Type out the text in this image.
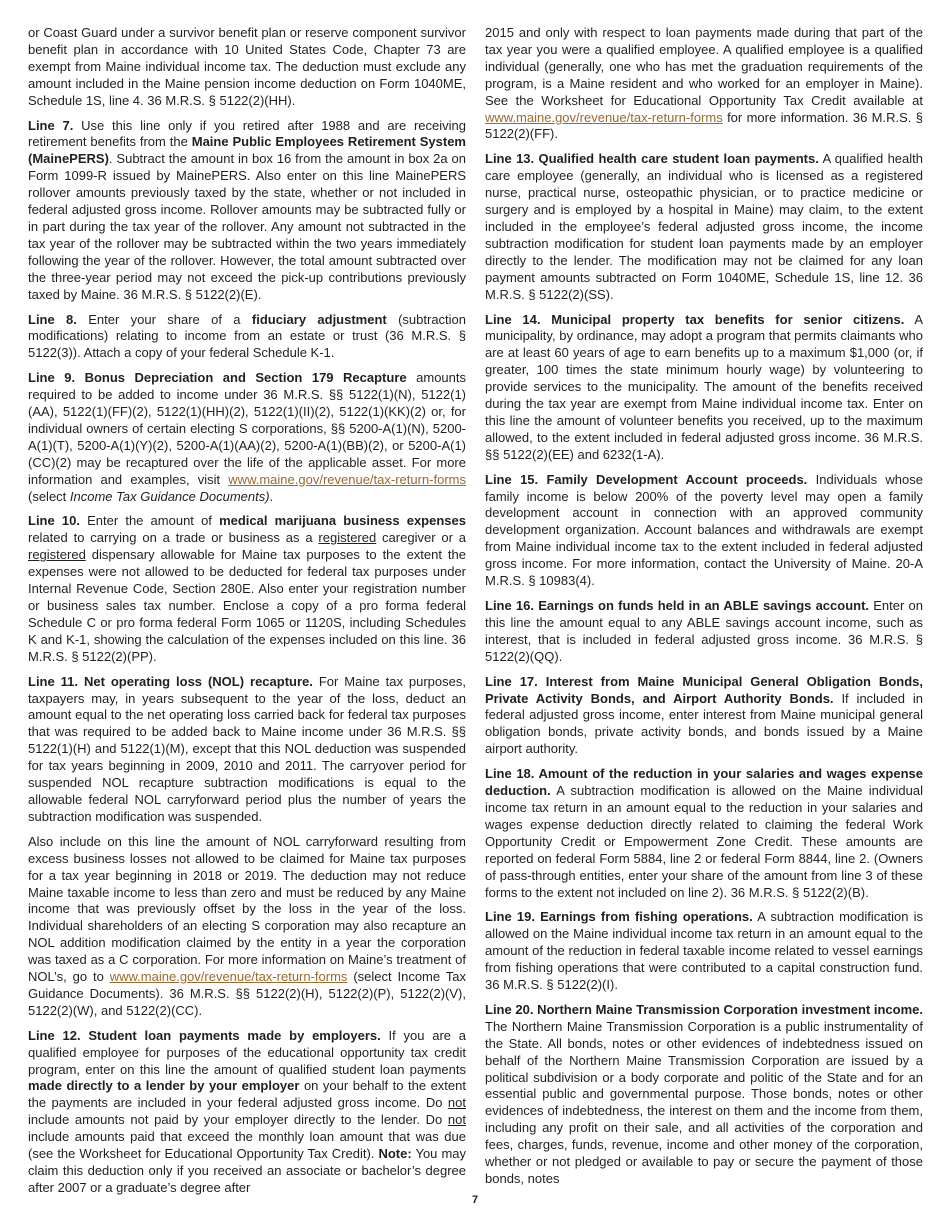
or Coast Guard under a survivor benefit plan or reserve component survivor benefit plan in accordance with 10 United States Code, Chapter 73 are exempt from Maine individual income tax. The deduction must exclude any amount included in the Maine pension income deduction on Form 1040ME, Schedule 1S, line 4. 36 M.R.S. § 5122(2)(HH).

Line 7. Use this line only if you retired after 1988 and are receiving retirement benefits from the Maine Public Employees Retirement System (MainePERS). Subtract the amount in box 16 from the amount in box 2a on Form 1099-R issued by MainePERS. Also enter on this line MainePERS rollover amounts previously taxed by the state, whether or not included in federal adjusted gross income. Rollover amounts may be subtracted fully or in part during the tax year of the rollover. Any amount not subtracted in the tax year of the rollover may be subtracted within the two years immediately following the year of the rollover. However, the total amount subtracted over the three-year period may not exceed the pick-up contributions previously taxed by Maine. 36 M.R.S. § 5122(2)(E).

Line 8. Enter your share of a fiduciary adjustment (subtraction modifications) relating to income from an estate or trust (36 M.R.S. § 5122(3)). Attach a copy of your federal Schedule K-1.

Line 9. Bonus Depreciation and Section 179 Recapture amounts required to be added to income under 36 M.R.S. §§ 5122(1)(N), 5122(1)(AA), 5122(1)(FF)(2), 5122(1)(HH)(2), 5122(1)(II)(2), 5122(1)(KK)(2) or, for individual owners of certain electing S corporations, §§ 5200-A(1)(N), 5200-A(1)(T), 5200-A(1)(Y)(2), 5200-A(1)(AA)(2), 5200-A(1)(BB)(2), or 5200-A(1)(CC)(2) may be recaptured over the life of the applicable asset. For more information and examples, visit www.maine.gov/revenue/tax-return-forms (select Income Tax Guidance Documents).

Line 10. Enter the amount of medical marijuana business expenses related to carrying on a trade or business as a registered caregiver or a registered dispensary allowable for Maine tax purposes to the extent the expenses were not allowed to be deducted for federal tax purposes under Internal Revenue Code, Section 280E. Also enter your registration number or business sales tax number. Enclose a copy of a pro forma federal Schedule C or pro forma federal Form 1065 or 1120S, including Schedules K and K-1, showing the calculation of the expenses included on this line. 36 M.R.S. § 5122(2)(PP).

Line 11. Net operating loss (NOL) recapture. For Maine tax purposes, taxpayers may, in years subsequent to the year of the loss, deduct an amount equal to the net operating loss carried back for federal tax purposes that was required to be added back to Maine income under 36 M.R.S. §§ 5122(1)(H) and 5122(1)(M), except that this NOL deduction was suspended for tax years beginning in 2009, 2010 and 2011. The carryover period for suspended NOL recapture subtraction modifications is equal to the allowable federal NOL carryforward period plus the number of years the subtraction modification was suspended.

Also include on this line the amount of NOL carryforward resulting from excess business losses not allowed to be claimed for Maine tax purposes for a tax year beginning in 2018 or 2019. The deduction may not reduce Maine taxable income to less than zero and must be reduced by any Maine income that was previously offset by the loss in the year of the loss. Individual shareholders of an electing S corporation may also recapture an NOL addition modification claimed by the entity in a year the corporation was taxed as a C corporation. For more information on Maine’s treatment of NOL’s, go to www.maine.gov/revenue/tax-return-forms (select Income Tax Guidance Documents). 36 M.R.S. §§ 5122(2)(H), 5122(2)(P), 5122(2)(V), 5122(2)(W), and 5122(2)(CC).

Line 12. Student loan payments made by employers. If you are a qualified employee for purposes of the educational opportunity tax credit program, enter on this line the amount of qualified student loan payments made directly to a lender by your employer on your behalf to the extent the payments are included in your federal adjusted gross income. Do not include amounts not paid by your employer directly to the lender. Do not include amounts paid that exceed the monthly loan amount that was due (see the Worksheet for Educational Opportunity Tax Credit). Note: You may claim this deduction only if you received an associate or bachelor’s degree after 2007 or a graduate’s degree after

2015 and only with respect to loan payments made during that part of the tax year you were a qualified employee. A qualified employee is a qualified individual (generally, one who has met the graduation requirements of the program, is a Maine resident and who worked for an employer in Maine). See the Worksheet for Educational Opportunity Tax Credit available at www.maine.gov/revenue/tax-return-forms for more information. 36 M.R.S. § 5122(2)(FF).

Line 13. Qualified health care student loan payments. A qualified health care employee (generally, an individual who is licensed as a registered nurse, practical nurse, osteopathic physician, or to practice medicine or surgery and is employed by a hospital in Maine) may claim, to the extent included in the employee’s federal adjusted gross income, the income subtraction modification for student loan payments made by an employer directly to the lender. The modification may not be claimed for any loan payment amounts subtracted on Form 1040ME, Schedule 1S, line 12. 36 M.R.S. § 5122(2)(SS).

Line 14. Municipal property tax benefits for senior citizens. A municipality, by ordinance, may adopt a program that permits claimants who are at least 60 years of age to earn benefits up to a maximum $1,000 (or, if greater, 100 times the state minimum hourly wage) by volunteering to provide services to the municipality. The amount of the benefits received during the tax year are exempt from Maine individual income tax. Enter on this line the amount of volunteer benefits you received, up to the maximum allowed, to the extent included in federal adjusted gross income. 36 M.R.S. §§ 5122(2)(EE) and 6232(1-A).

Line 15. Family Development Account proceeds. Individuals whose family income is below 200% of the poverty level may open a family development account in connection with an approved community development organization. Account balances and withdrawals are exempt from Maine individual income tax to the extent included in federal adjusted gross income. For more information, contact the University of Maine. 20-A M.R.S. § 10983(4).

Line 16. Earnings on funds held in an ABLE savings account. Enter on this line the amount equal to any ABLE savings account income, such as interest, that is included in federal adjusted gross income. 36 M.R.S. § 5122(2)(QQ).

Line 17. Interest from Maine Municipal General Obligation Bonds, Private Activity Bonds, and Airport Authority Bonds. If included in federal adjusted gross income, enter interest from Maine municipal general obligation bonds, private activity bonds, and bonds issued by a Maine airport authority.

Line 18. Amount of the reduction in your salaries and wages expense deduction. A subtraction modification is allowed on the Maine individual income tax return in an amount equal to the reduction in your salaries and wages expense deduction directly related to claiming the federal Work Opportunity Credit or Empowerment Zone Credit. These amounts are reported on federal Form 5884, line 2 or federal Form 8844, line 2. (Owners of pass-through entities, enter your share of the amount from line 3 of these forms to the extent not included on line 2). 36 M.R.S. § 5122(2)(B).

Line 19. Earnings from fishing operations. A subtraction modification is allowed on the Maine individual income tax return in an amount equal to the amount of the reduction in federal taxable income related to vessel earnings from fishing operations that were contributed to a capital construction fund. 36 M.R.S. § 5122(2)(I).

Line 20. Northern Maine Transmission Corporation investment income. The Northern Maine Transmission Corporation is a public instrumentality of the State. All bonds, notes or other evidences of indebtedness issued on behalf of the Northern Maine Transmission Corporation are issued by a political subdivision or a body corporate and politic of the State and for an essential public and governmental purpose. Those bonds, notes or other evidences of indebtedness, the interest on them and the income from them, including any profit on their sale, and all activities of the corporation and fees, charges, funds, revenue, income and other money of the corporation, whether or not pledged or available to pay or secure the payment of those bonds, notes

7
